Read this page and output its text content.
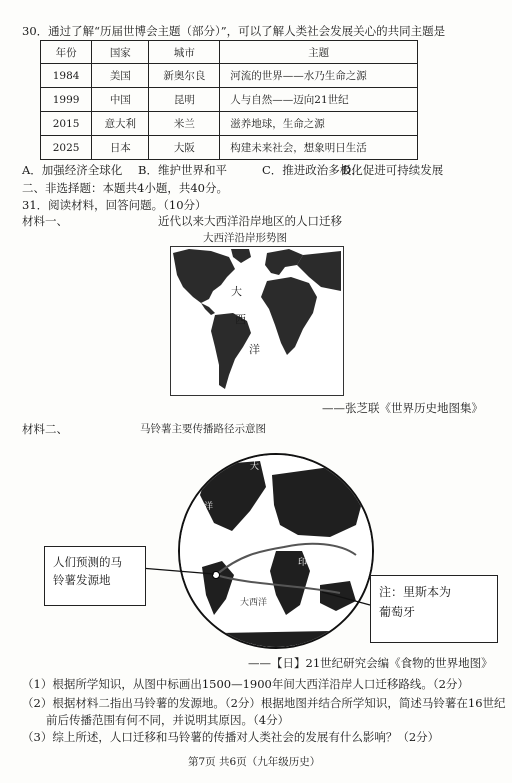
30．通过了解“历届世博会主题（部分）”，可以了解人类社会发展关心的共同主题是
年份	国家	城市	主题
1984	美国	新奥尔良	河流的世界——水乃生命之源
1999	中国	昆明	人与自然——迈向21世纪
2015	意大利	米兰	滋养地球，生命之源
2025	日本	大阪	构建未来社会，想象明日生活
A．加强经济全球化 B．维护世界和平	C．推进政治多极化
D．促进可持续发展
二、非选择题：本题共4小题，共40分。
31．阅读材料，回答问题。（10分）
材料一、	近代以来大西洋沿岸地区的人口迁移
大西洋沿岸形势图
大
西
洋
——张芝联《世界历史地图集》
材料二、	马铃薯主要传播路径示意图
太平洋
大西洋
印 度 洋
大 洋
人们预测的马
铃薯发源地
注：里斯本为
葡萄牙
——【日】21世纪研究会编《食物的世界地图》
（1）根据所学知识，从图中标画出1500—1900年间大西洋沿岸人口迁移路线。（2分）
（2）根据材料二指出马铃薯的发源地。（2分）根据地图并结合所学知识，简述马铃薯在16世纪
前后传播范围有何不同，并说明其原因。（4分）
（3）综上所述，人口迁移和马铃薯的传播对人类社会的发展有什么影响？（2分）
第7页 共6页（九年级历史）
